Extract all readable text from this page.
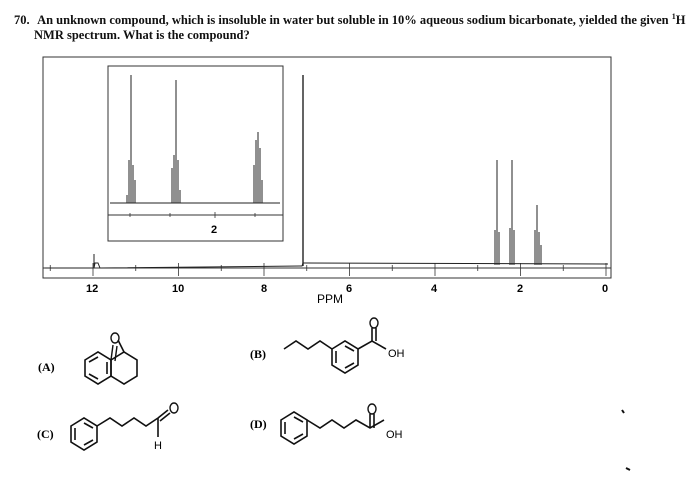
70. An unknown compound, which is insoluble in water but soluble in 10% aqueous sodium bicarbonate, yielded the given $^1$H
NMR spectrum. What is the compound?
2
12	10	8	6	4	2	0
PPM
(A)
(B)
(C)
(D)
OH
H
OH
